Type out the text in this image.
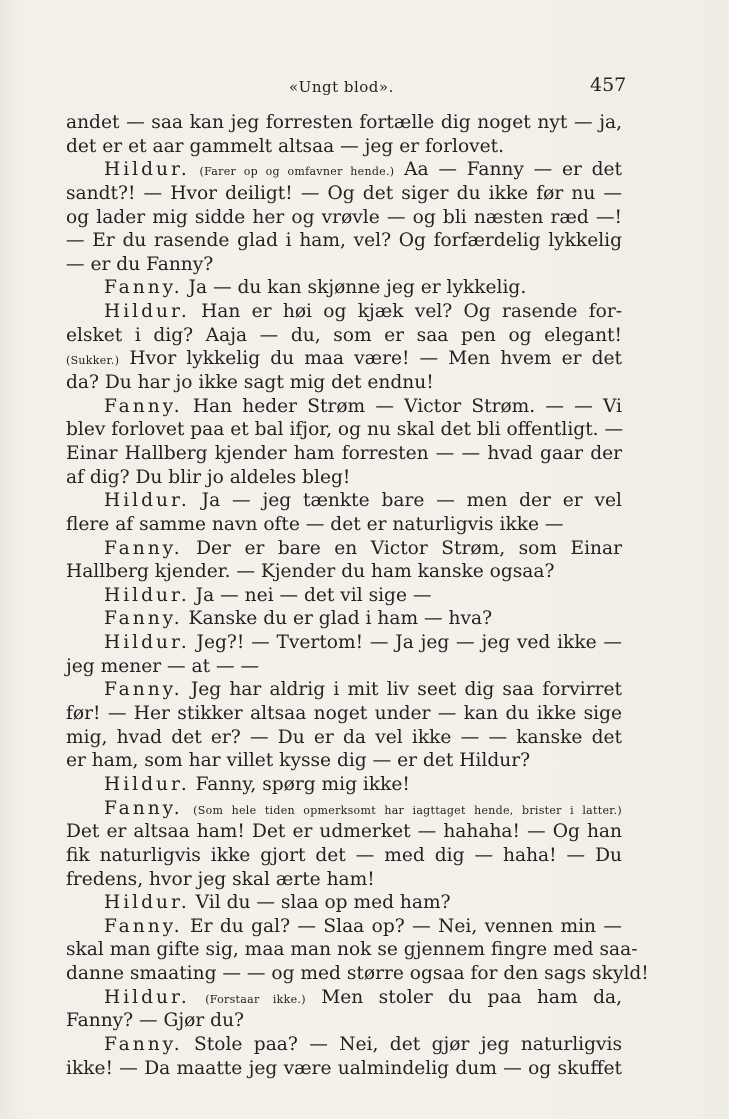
«Ungt blod».	457
andet — saa kan jeg forresten fortælle dig noget nyt — ja,
det er et aar gammelt altsaa — jeg er forlovet.
Hildur. (Farer op og omfavner hende.) Aa — Fanny — er det
sandt?! — Hvor deiligt! — Og det siger du ikke før nu —
og lader mig sidde her og vrøvle — og bli næsten ræd —!
— Er du rasende glad i ham, vel? Og forfærdelig lykkelig
— er du Fanny?
Fanny. Ja — du kan skjønne jeg er lykkelig.
Hildur. Han er høi og kjæk vel? Og rasende for-
elsket i dig? Aaja — du, som er saa pen og elegant!
(Sukker.) Hvor lykkelig du maa være! — Men hvem er det
da? Du har jo ikke sagt mig det endnu!
Fanny. Han heder Strøm — Victor Strøm. — — Vi
blev forlovet paa et bal ifjor, og nu skal det bli offentligt. —
Einar Hallberg kjender ham forresten — — hvad gaar der
af dig? Du blir jo aldeles bleg!
Hildur. Ja — jeg tænkte bare — men der er vel
flere af samme navn ofte — det er naturligvis ikke —
Fanny. Der er bare en Victor Strøm, som Einar
Hallberg kjender. — Kjender du ham kanske ogsaa?
Hildur. Ja — nei — det vil sige —
Fanny. Kanske du er glad i ham — hva?
Hildur. Jeg?! — Tvertom! — Ja jeg — jeg ved ikke —
jeg mener — at — —
Fanny. Jeg har aldrig i mit liv seet dig saa forvirret
før! — Her stikker altsaa noget under — kan du ikke sige
mig, hvad det er? — Du er da vel ikke — — kanske det
er ham, som har villet kysse dig — er det Hildur?
Hildur. Fanny, spørg mig ikke!
Fanny. (Som hele tiden opmerksomt har iagttaget hende, brister i latter.)
Det er altsaa ham! Det er udmerket — hahaha! — Og han
fik naturligvis ikke gjort det — med dig — haha! — Du
fredens, hvor jeg skal ærte ham!
Hildur. Vil du — slaa op med ham?
Fanny. Er du gal? — Slaa op? — Nei, vennen min —
skal man gifte sig, maa man nok se gjennem fingre med saa-
danne smaating — — og med større ogsaa for den sags skyld!
Hildur. (Forstaar ikke.) Men stoler du paa ham da,
Fanny? — Gjør du?
Fanny. Stole paa? — Nei, det gjør jeg naturligvis
ikke! — Da maatte jeg være ualmindelig dum — og skuffet
